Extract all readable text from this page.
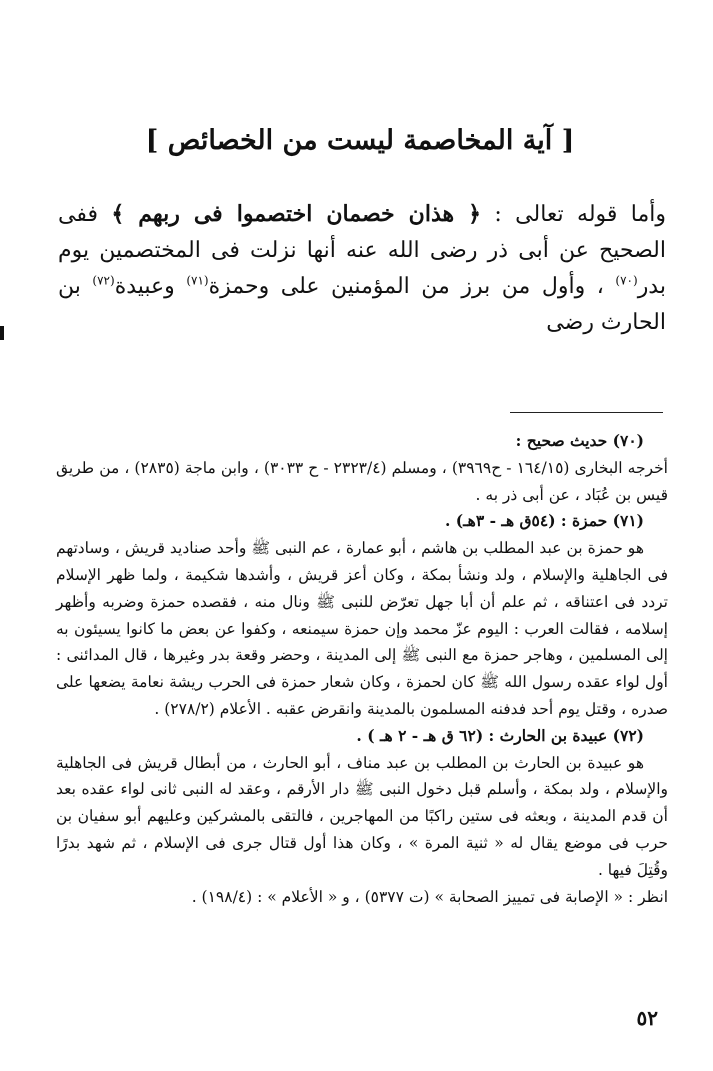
[ آية المخاصمة ليست من الخصائص ]

وأما قوله تعالى : ﴿ هذان خصمان اختصموا فى ربهم ﴾ ففى الصحيح عن أبى ذر رضى الله عنه أنها نزلت فى المختصمين يوم بدر$^{(٧٠)}$ ، وأول من برز من المؤمنين على وحمزة$^{(٧١)}$ وعبيدة$^{(٧٢)}$ بن الحارث رضى

(٧٠) حديث صحيح :

أخرجه البخارى (١٦٤/١٥ - ح٣٩٦٩) ، ومسلم (٢٣٢٣/٤ - ح ٣٠٣٣) ، وابن ماجة (٢٨٣٥) ، من طريق قيس بن عُبَاد ، عن أبى ذر به .

(٧١) حمزة : (٥٤ق هـ - ٣هـ) .

هو حمزة بن عبد المطلب بن هاشم ، أبو عمارة ، عم النبى ﷺ وأحد صناديد قريش ، وسادتهم فى الجاهلية والإسلام ، ولد ونشأ بمكة ، وكان أعز قريش ، وأشدها شكيمة ، ولما ظهر الإسلام تردد فى اعتناقه ، ثم علم أن أبا جهل تعرّض للنبى ﷺ ونال منه ، فقصده حمزة وضربه وأظهر إسلامه ، فقالت العرب : اليوم عزّ محمد وإن حمزة سيمنعه ، وكفوا عن بعض ما كانوا يسيئون به إلى المسلمين ، وهاجر حمزة مع النبى ﷺ إلى المدينة ، وحضر وقعة بدر وغيرها ، قال المدائنى : أول لواء عقده رسول الله ﷺ كان لحمزة ، وكان شعار حمزة فى الحرب ريشة نعامة يضعها على صدره ، وقتل يوم أحد فدفنه المسلمون بالمدينة وانقرض عقبه . الأعلام (٢٧٨/٢) .

(٧٢) عبيدة بن الحارث : (٦٢ ق هـ - ٢ هـ ) .

هو عبيدة بن الحارث بن المطلب بن عبد مناف ، أبو الحارث ، من أبطال قريش فى الجاهلية والإسلام ، ولد بمكة ، وأسلم قبل دخول النبى ﷺ دار الأرقم ، وعقد له النبى ثانى لواء عقده بعد أن قدم المدينة ، وبعثه فى ستين راكبًا من المهاجرين ، فالتقى بالمشركين وعليهم أبو سفيان بن حرب فى موضع يقال له « ثنية المرة » ، وكان هذا أول قتال جرى فى الإسلام ، ثم شهد بدرًا وقُتِلَ فيها .

انظر : « الإصابة فى تمييز الصحابة » (ت ٥٣٧٧) ، و « الأعلام » : (١٩٨/٤) .

٥٢
